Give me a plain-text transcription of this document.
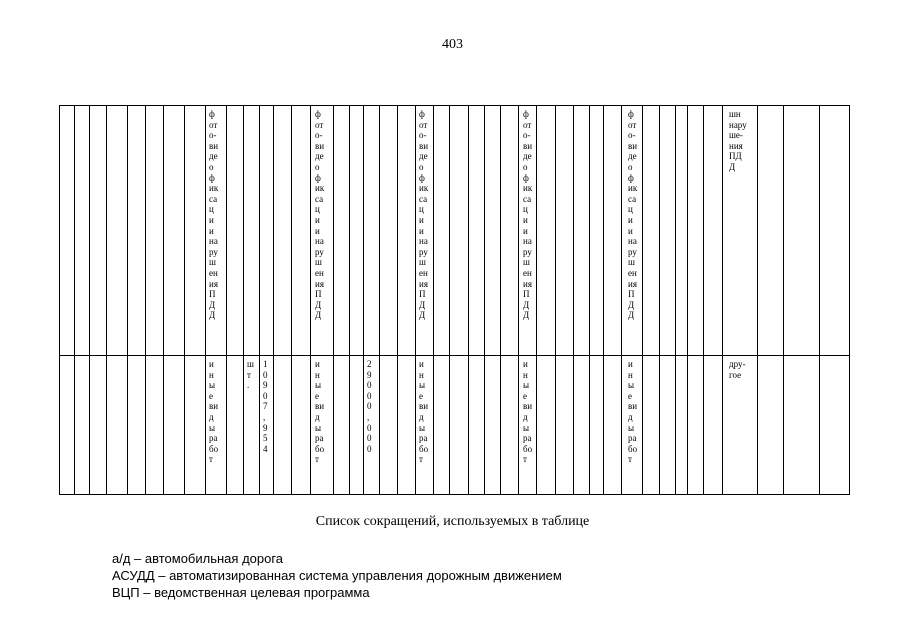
403
ф
от
о-
ви
де
о
ф
ик
са
ц
и
и
на
ру
ш
ен
ия
П
Д
Д
ф
от
о-
ви
де
о
ф
ик
са
ц
и
и
на
ру
ш
ен
ия
П
Д
Д
ф
от
о-
ви
де
о
ф
ик
са
ц
и
и
на
ру
ш
ен
ия
П
Д
Д
ф
от
о-
ви
де
о
ф
ик
са
ц
и
и
на
ру
ш
ен
ия
П
Д
Д
ф
от
о-
ви
де
о
ф
ик
са
ц
и
и
на
ру
ш
ен
ия
П
Д
Д
шн
нару
ше-
ния
ПД
Д
и
н
ы
е
ви
д
ы
ра
бо
т
и
н
ы
е
ви
д
ы
ра
бо
т
и
н
ы
е
ви
д
ы
ра
бо
т
и
н
ы
е
ви
д
ы
ра
бо
т
и
н
ы
е
ви
д
ы
ра
бо
т
ш
т
.
1
0
9
0
7
,
9
5
4
2
9
0
0
0
,
0
0
0
дру-
гое
Список сокращений, используемых в таблице
а/д – автомобильная дорога
АСУДД – автоматизированная система управления дорожным движением
ВЦП – ведомственная целевая программа
